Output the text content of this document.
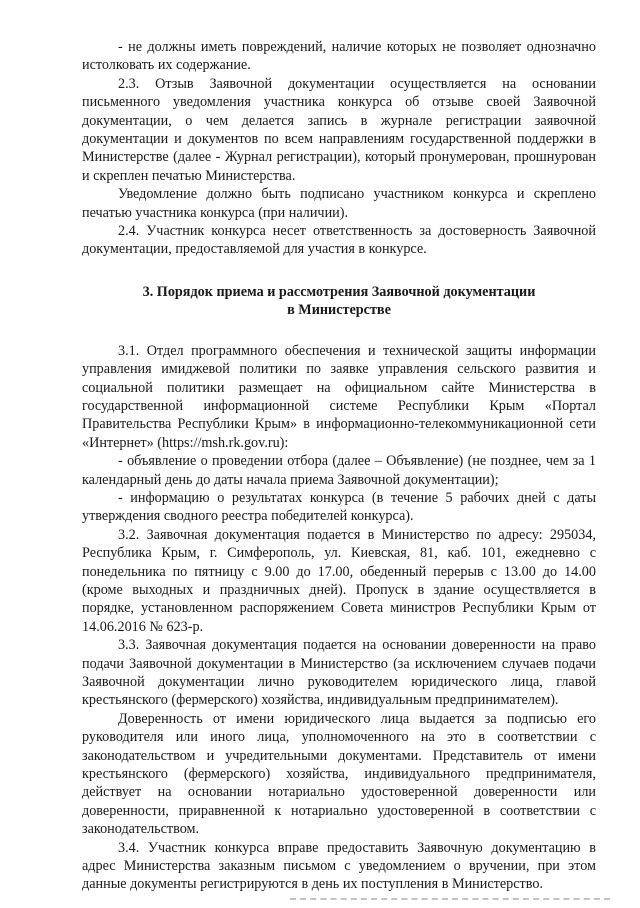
- не должны иметь повреждений, наличие которых не позволяет однозначно истолковать их содержание.

2.3. Отзыв Заявочной документации осуществляется на основании письменного уведомления участника конкурса об отзыве своей Заявочной документации, о чем делается запись в журнале регистрации заявочной документации и документов по всем направлениям государственной поддержки в Министерстве (далее - Журнал регистрации), который пронумерован, прошнурован и скреплен печатью Министерства.

Уведомление должно быть подписано участником конкурса и скреплено печатью участника конкурса (при наличии).

2.4. Участник конкурса несет ответственность за достоверность Заявочной документации, предоставляемой для участия в конкурсе.

3. Порядок приема и рассмотрения Заявочной документации
в Министерстве

3.1. Отдел программного обеспечения и технической защиты информации управления имиджевой политики по заявке управления сельского развития и социальной политики размещает на официальном сайте Министерства в государственной информационной системе Республики Крым «Портал Правительства Республики Крым» в информационно-телекоммуникационной сети «Интернет» (https://msh.rk.gov.ru):

- объявление о проведении отбора (далее – Объявление) (не позднее, чем за 1 календарный день до даты начала приема Заявочной документации);

- информацию о результатах конкурса (в течение 5 рабочих дней с даты утверждения сводного реестра победителей конкурса).

3.2. Заявочная документация подается в Министерство по адресу: 295034, Республика Крым, г. Симферополь, ул. Киевская, 81, каб. 101, ежедневно с понедельника по пятницу с 9.00 до 17.00, обеденный перерыв с 13.00 до 14.00 (кроме выходных и праздничных дней). Пропуск в здание осуществляется в порядке, установленном распоряжением Совета министров Республики Крым от 14.06.2016 № 623-р.

3.3. Заявочная документация подается на основании доверенности на право подачи Заявочной документации в Министерство (за исключением случаев подачи Заявочной документации лично руководителем юридического лица, главой крестьянского (фермерского) хозяйства, индивидуальным предпринимателем).

Доверенность от имени юридического лица выдается за подписью его руководителя или иного лица, уполномоченного на это в соответствии с законодательством и учредительными документами. Представитель от имени крестьянского (фермерского) хозяйства, индивидуального предпринимателя, действует на основании нотариально удостоверенной доверенности или доверенности, приравненной к нотариально удостоверенной в соответствии с законодательством.

3.4. Участник конкурса вправе предоставить Заявочную документацию в адрес Министерства заказным письмом с уведомлением о вручении, при этом данные документы регистрируются в день их поступления в Министерство.
